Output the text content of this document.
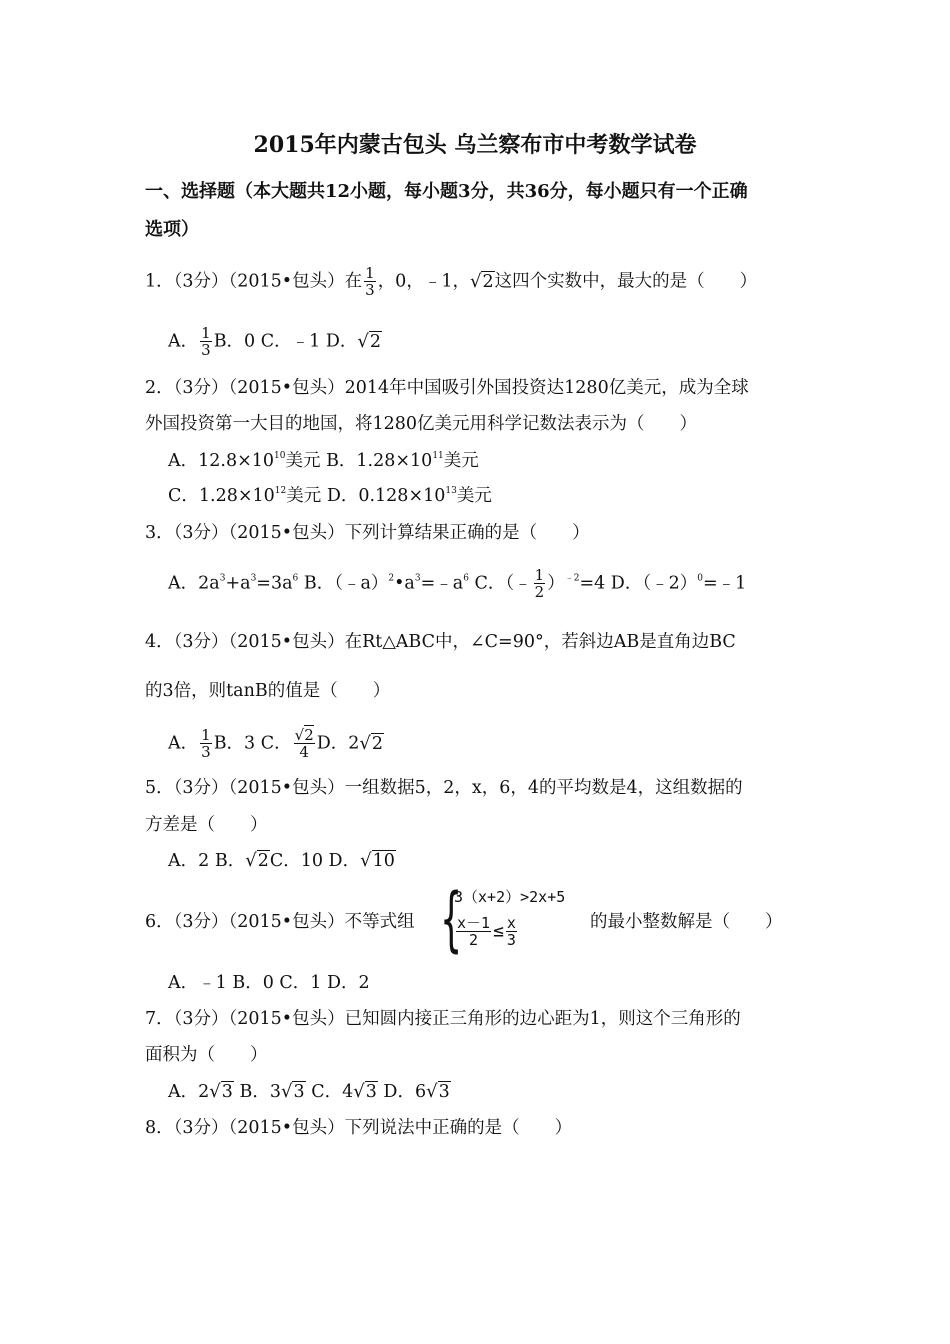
2015年内蒙古包头 乌兰察布市中考数学试卷
一、选择题（本大题共12小题，每小题3分，共36分，每小题只有一个正确
选项）
1．（3分）（2015•包头）在 $\frac{1}{3}$ ，0，﹣1，√2这四个实数中，最大的是（　　）
A． $\frac{1}{3}$ B．0 C．﹣1 D．√2
2．（3分）（2015•包头）2014年中国吸引外国投资达1280亿美元，成为全球
外国投资第一大目的地国，将1280亿美元用科学记数法表示为（　　）
A．$12.8\times 10^{10}$美元 B．$1.28\times 10^{11}$美元
C．$1.28\times 10^{12}$美元 D．$0.128\times 10^{13}$美元
3．（3分）（2015•包头）下列计算结果正确的是（　　）
A．$2a^3+a^3=3a^6$ B．$(﹣a)^2•a^3=﹣a^6$ C．（﹣ $\frac{1}{2} )^{﹣2}=4$ D．（﹣2）$^0$=﹣1
4．（3分）（2015•包头）在Rt△ABC中，∠C=90°，若斜边AB是直角边BC
的3倍，则tanB的值是（　　）
A． $\frac{1}{3}$ B．3 C． $\frac{√2}{4}$ D．2√2
5．（3分）（2015•包头）一组数据5，2，x，6，4的平均数是4，这组数据的
方差是（　　）
A．2 B．√2C．10 D．√10
6．（3分）（2015•包头）不等式组 {
3（x+2）>2x+5
$\frac{x-1}{2} \le \frac{x}{3}$	的最小整数解是（　　）
A．﹣1 B．0 C．1 D．2
7．（3分）（2015•包头）已知圆内接正三角形的边心距为1，则这个三角形的
面积为（　　）
A．2√3 B．3√3 C．4√3 D．6√3
8．（3分）（2015•包头）下列说法中正确的是（　　）
